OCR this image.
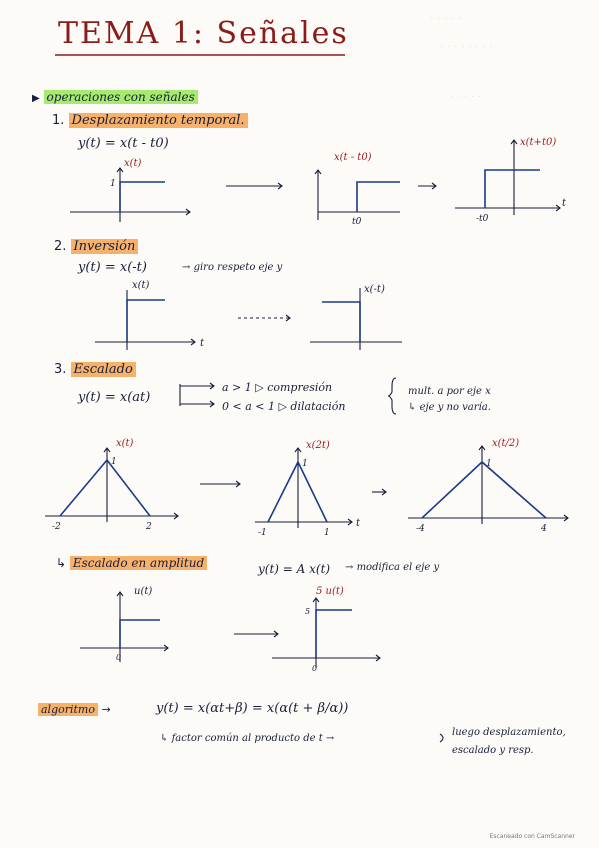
· · · · ·
· · · · · · · ·
· · · · ·
TEMA 1: Señales
▶ operaciones con señales
1. Desplazamiento temporal.
y(t) = x(t - t0)
2. Inversión
y(t) = x(-t)	→ giro respeto eje y
3. Escalado
y(t) = x(at)
a > 1 ▷ compresión
0 < a < 1 ▷ dilatación
mult. a por eje x
↳ eje y no varía.
↳ Escalado en amplitud	y(t) = A x(t) → modifica el eje y
algoritmo →	y(t) = x(αt+β) = x(α(t + β/α))
↳ factor común al producto de t →
luego desplazamiento,
escalado y resp.
Escaneado con CamScanner
x(t)
1
x(t - t0)
t0
x(t+t0)
-t0
t
x(t)
t
x(-t)
x(t)
-2	2
1
x(2t)
-1	1
1
t
x(t/2)
-4	4
1
u(t)
0
5 u(t)
5
0
